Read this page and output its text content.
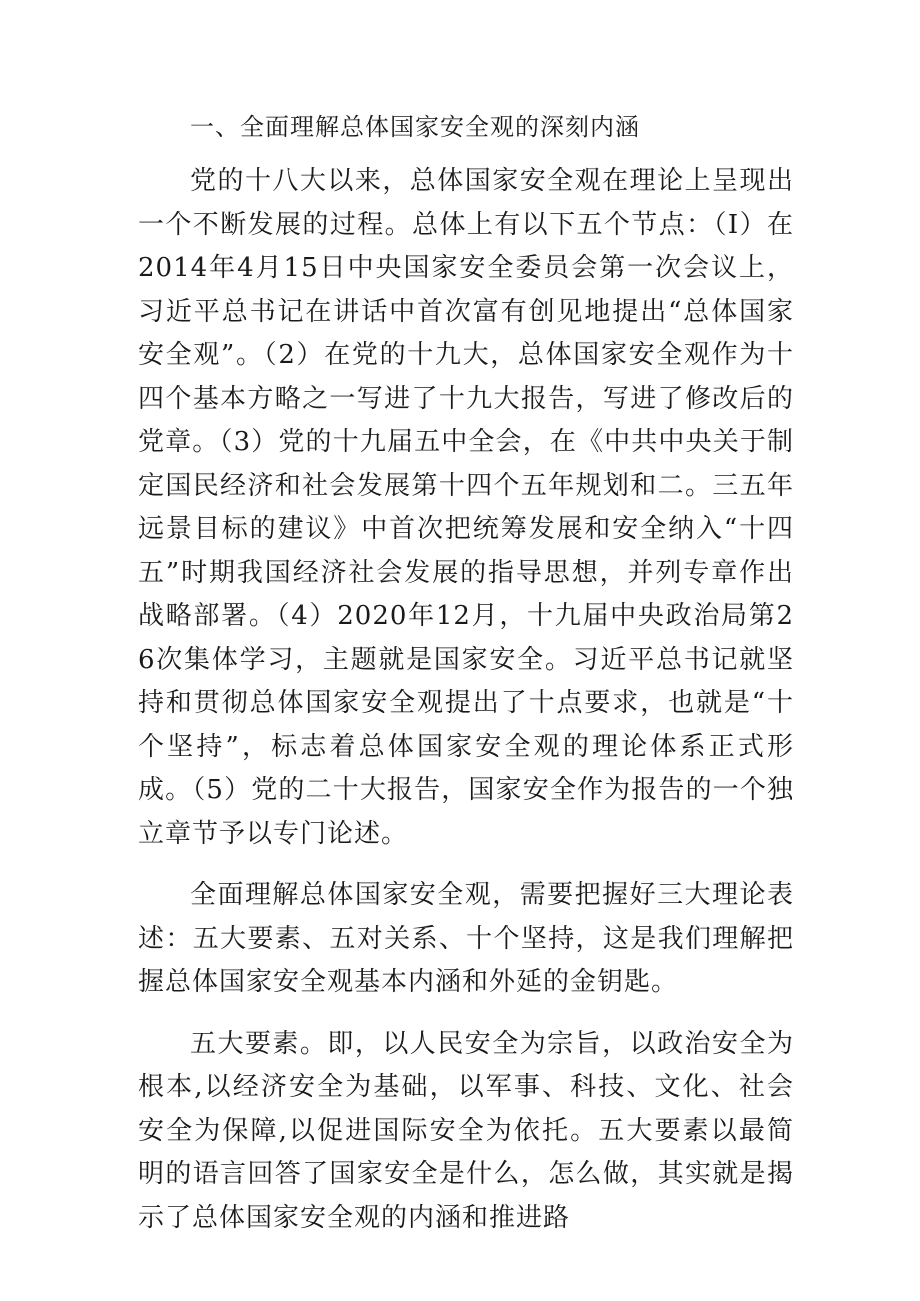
一、全面理解总体国家安全观的深刻内涵

党的十八大以来，总体国家安全观在理论上呈现出一个不断发展的过程。总体上有以下五个节点：（I）在2014年4月15日中央国家安全委员会第一次会议上，习近平总书记在讲话中首次富有创见地提出“总体国家安全观”。（2）在党的十九大，总体国家安全观作为十四个基本方略之一写进了十九大报告，写进了修改后的党章。（3）党的十九届五中全会，在《中共中央关于制定国民经济和社会发展第十四个五年规划和二。三五年远景目标的建议》中首次把统筹发展和安全纳入“十四五”时期我国经济社会发展的指导思想，并列专章作出战略部署。（4）2020年12月，十九届中央政治局第26次集体学习，主题就是国家安全。习近平总书记就坚持和贯彻总体国家安全观提出了十点要求，也就是“十个坚持”，标志着总体国家安全观的理论体系正式形成。（5）党的二十大报告，国家安全作为报告的一个独立章节予以专门论述。

全面理解总体国家安全观，需要把握好三大理论表述：五大要素、五对关系、十个坚持，这是我们理解把握总体国家安全观基本内涵和外延的金钥匙。

五大要素。即，以人民安全为宗旨，以政治安全为根本,以经济安全为基础，以军事、科技、文化、社会安全为保障,以促进国际安全为依托。五大要素以最简明的语言回答了国家安全是什么，怎么做，其实就是揭示了总体国家安全观的内涵和推进路
